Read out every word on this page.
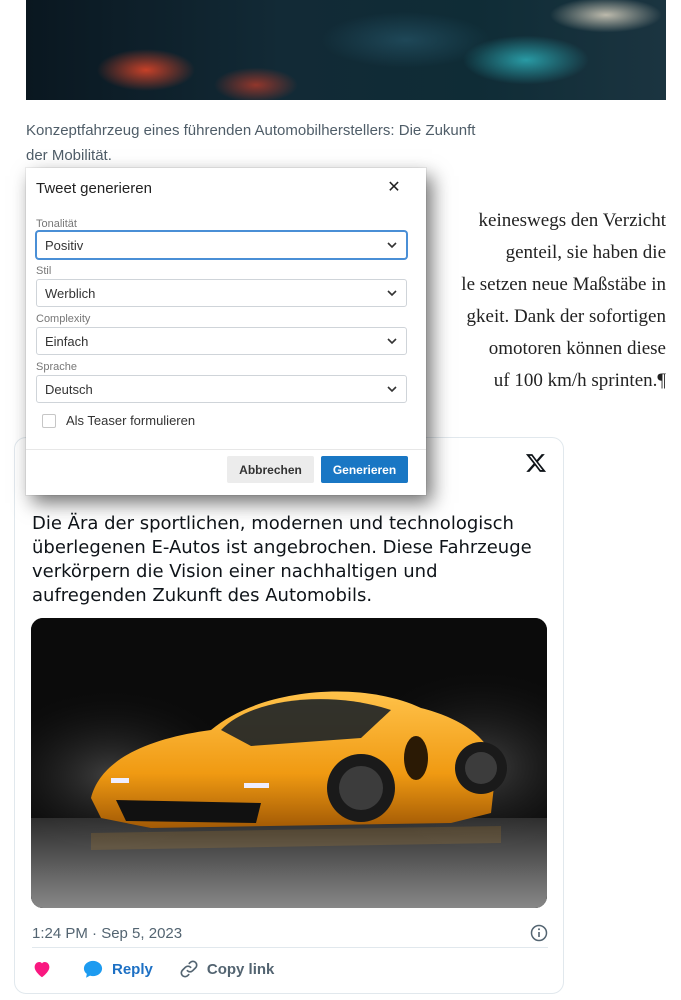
Konzeptfahrzeug eines führenden Automobilherstellers: Die Zukunft der Mobilität.
keineswegs den Verzicht
genteil, sie haben die
le setzen neue Maßstäbe in
gkeit. Dank der sofortigen
omotoren können diese
uf 100 km/h sprinten.¶
Die Ära der sportlichen, modernen und technologisch überlegenen E-Autos ist angebrochen. Diese Fahrzeuge verkörpern die Vision einer nachhaltigen und aufregenden Zukunft des Automobils.
1:24 PM · Sep 5, 2023
Reply	Copy link
Tweet generieren	✕
Tonalität
Positiv
Stil
Werblich
Complexity
Einfach
Sprache
Deutsch
Als Teaser formulieren
Abbrechen	Generieren
